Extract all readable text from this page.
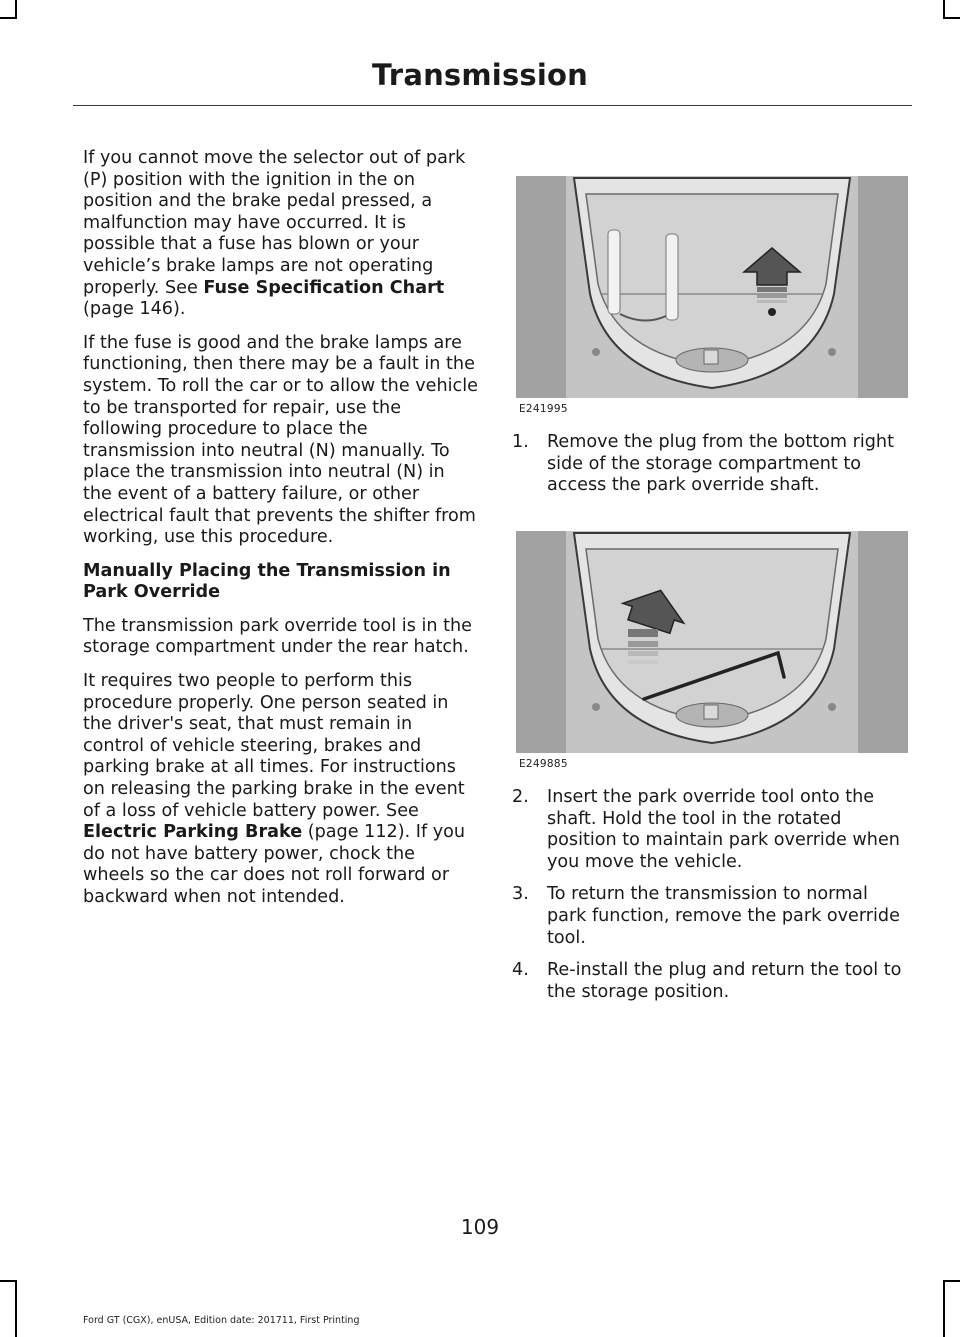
Transmission

If you cannot move the selector out of park (P) position with the ignition in the on position and the brake pedal pressed, a malfunction may have occurred. It is possible that a fuse has blown or your vehicle’s brake lamps are not operating properly. See Fuse Specification Chart (page 146).

If the fuse is good and the brake lamps are functioning, then there may be a fault in the system. To roll the car or to allow the vehicle to be transported for repair, use the following procedure to place the transmission into neutral (N) manually. To place the transmission into neutral (N) in the event of a battery failure, or other electrical fault that prevents the shifter from working, use this procedure.

Manually Placing the Transmission in Park Override

The transmission park override tool is in the storage compartment under the rear hatch.

It requires two people to perform this procedure properly. One person seated in the driver's seat, that must remain in control of vehicle steering, brakes and parking brake at all times. For instructions on releasing the parking brake in the event of a loss of vehicle battery power. See Electric Parking Brake (page 112). If you do not have battery power, chock the wheels so the car does not roll forward or backward when not intended.

E241995
1. Remove the plug from the bottom right side of the storage compartment to access the park override shaft.
E249885
2. Insert the park override tool onto the shaft. Hold the tool in the rotated position to maintain park override when you move the vehicle.
3. To return the transmission to normal park function, remove the park override tool.
4. Re-install the plug and return the tool to the storage position.
109
Ford GT (CGX), enUSA, Edition date: 201711, First Printing
